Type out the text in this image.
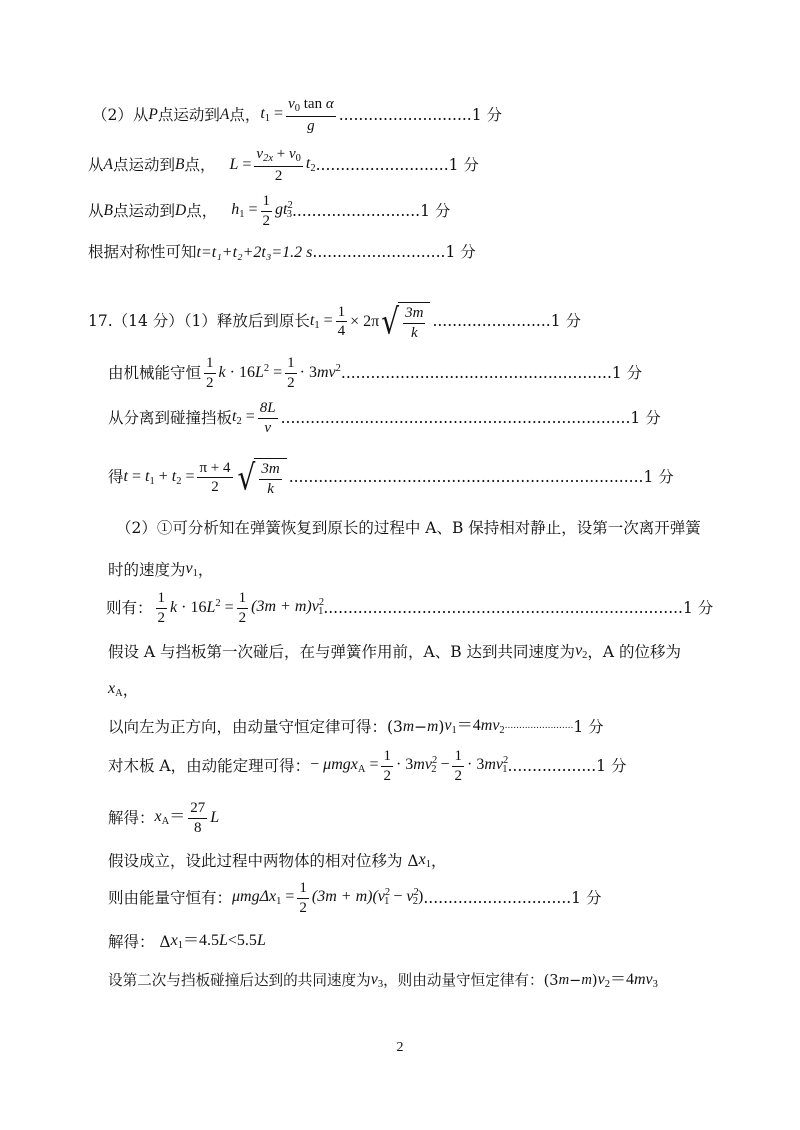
（2）从 P 点运动到 A 点， $t_1 = \frac{v_0 \tan \alpha}{g}$ ........................... 1 分
从 A 点运动到 B 点， $L = \frac{v_{2x} + v_0}{2} t_2$ ........................... 1 分
从 B 点运动到 D 点， $h_1 = \frac{1}{2} gt^2_3$ .......................... 1 分
根据对称性可知 t=t₁+t₂+2t₃=1.2 s ........................... 1 分
17.（14 分）（1）释放后到原长 $t_1 = \frac{1}{4} \times 2\pi$ √ $\frac{3m}{k}$ ........................ 1 分
由机械能守恒 $\frac{1}{2}$ $k \cdot 16L^2 = \frac{1}{2} \cdot 3mv^2$ ....................................................... 1 分
从分离到碰撞挡板 $t_2 = \frac{8L}{v}$ ....................................................................... 1 分
得 $t = t_1 + t_2 = \frac{\pi + 4}{2}$ √ $\frac{3m}{k}$ ........................................................................ 1 分
（2）①可分析知在弹簧恢复到原长的过程中 A、B 保持相对静止，设第一次离开弹簧
时的速度为 $v_1$ ，
则有： $\frac{1}{2}$ $k \cdot 16L^2 = \frac{1}{2} (3m + m)v^2_1$ ......................................................................... 1 分
假设 A 与挡板第一次碰后，在与弹簧作用前，A、B 达到共同速度为 $v_2$ ，A 的位移为
$x_A$ ，
以向左为正方向，由动量守恒定律可得：(3 m − m ) $v_1=4mv_2$ ........................ 1 分
对木板 A，由动能定理可得： − $\mu mgx_A = \frac{1}{2} \cdot 3mv^2_2 - \frac{1}{2} \cdot 3mv^2_1$ .................. 1 分
解得： $x_A= \frac{27}{8}$ L
假设成立，设此过程中两物体的相对位移为 Δ $x_1$ ，
则由能量守恒有： $\mu mg\Delta x_1 = \frac{1}{2} (3m + m)(v^2_1 - v^2_2)$ .............................. 1 分
解得： Δ $x_1=4.5L<5.5L$
设第二次与挡板碰撞后达到的共同速度为 $v_3$ ，则由动量守恒定律有：(3 m − m ) $v_2=4mv_3$
2
